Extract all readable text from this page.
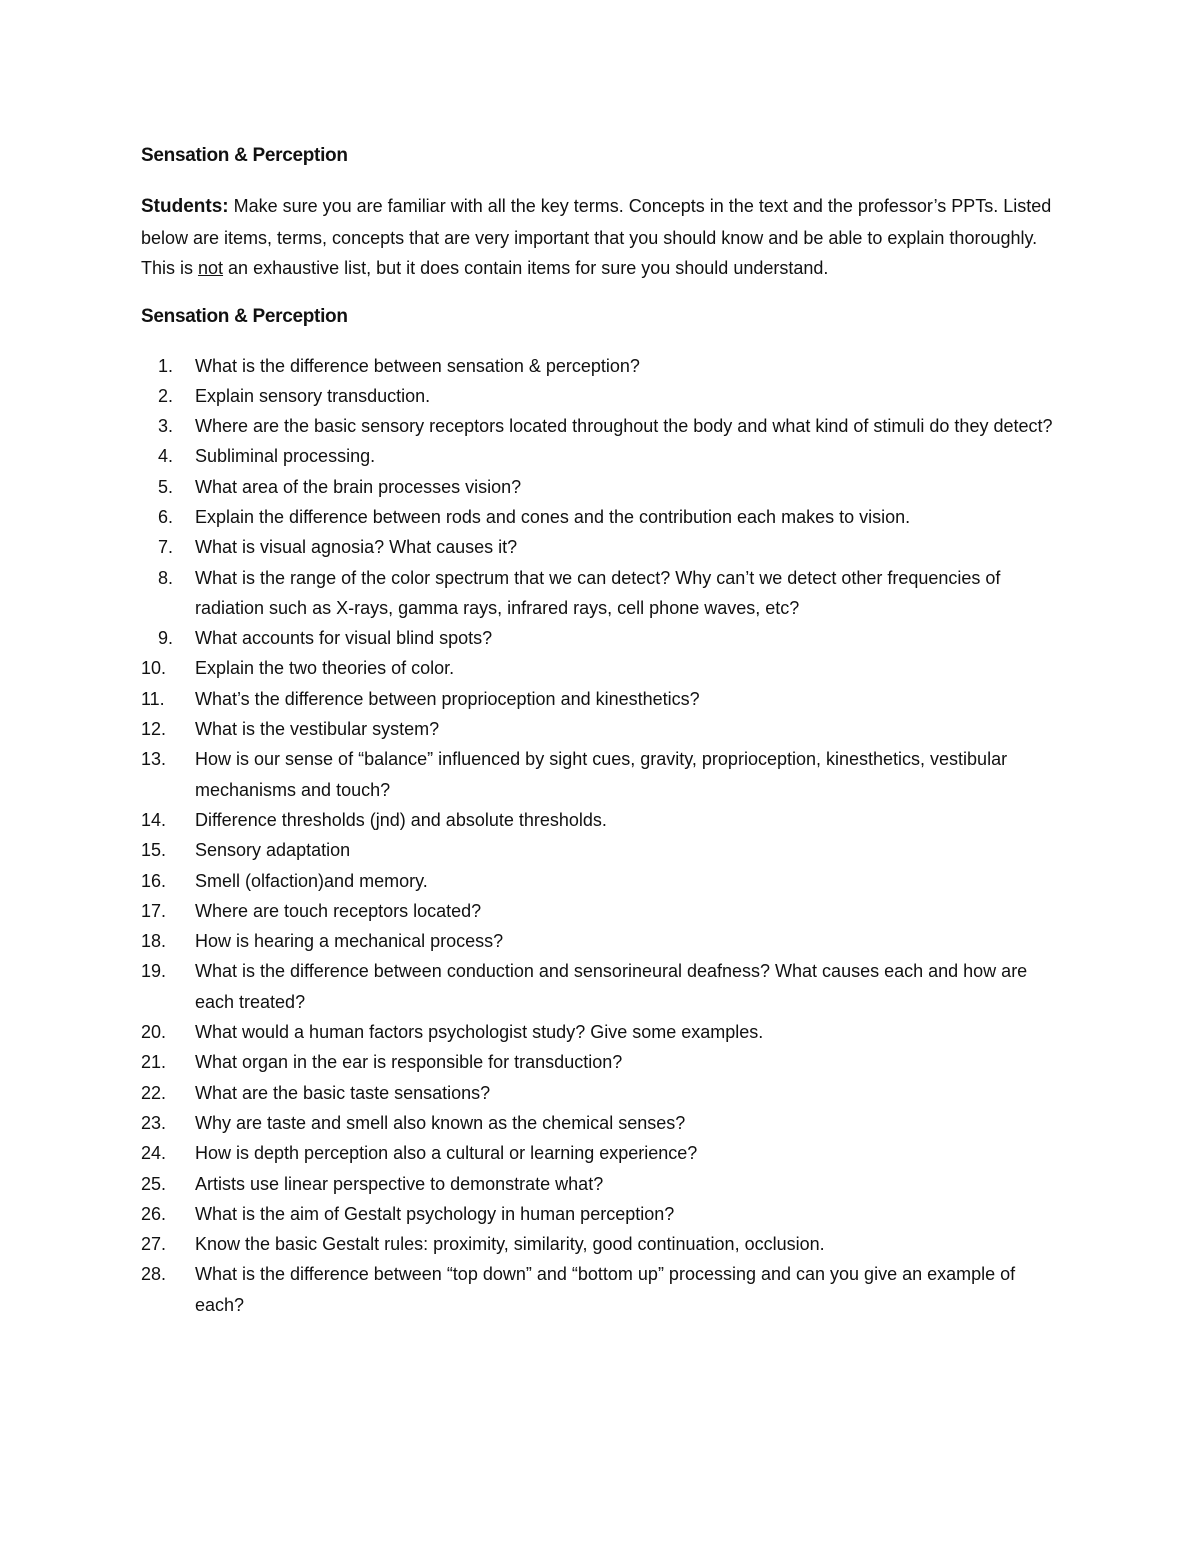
Sensation & Perception

Students: Make sure you are familiar with all the key terms. Concepts in the text and the professor’s PPTs. Listed below are items, terms, concepts that are very important that you should know and be able to explain thoroughly. This is not an exhaustive list, but it does contain items for sure you should understand.

Sensation & Perception
1.	What is the difference between sensation & perception?
2.	Explain sensory transduction.
3.	Where are the basic sensory receptors located throughout the body and what kind of stimuli do they detect?
4.	Subliminal processing.
5.	What area of the brain processes vision?
6.	Explain the difference between rods and cones and the contribution each makes to vision.
7.	What is visual agnosia? What causes it?
8.	What is the range of the color spectrum that we can detect? Why can’t we detect other frequencies of radiation such as X-rays, gamma rays, infrared rays, cell phone waves, etc?
9.	What accounts for visual blind spots?
10.	Explain the two theories of color.
11.	What’s the difference between proprioception and kinesthetics?
12.	What is the vestibular system?
13.	How is our sense of “balance” influenced by sight cues, gravity, proprioception, kinesthetics, vestibular mechanisms and touch?
14.	Difference thresholds (jnd) and absolute thresholds.
15.	Sensory adaptation
16.	Smell (olfaction)and memory.
17.	Where are touch receptors located?
18.	How is hearing a mechanical process?
19.	What is the difference between conduction and sensorineural deafness? What causes each and how are each treated?
20.	What would a human factors psychologist study? Give some examples.
21.	What organ in the ear is responsible for transduction?
22.	What are the basic taste sensations?
23.	Why are taste and smell also known as the chemical senses?
24.	How is depth perception also a cultural or learning experience?
25.	Artists use linear perspective to demonstrate what?
26.	What is the aim of Gestalt psychology in human perception?
27.	Know the basic Gestalt rules: proximity, similarity, good continuation, occlusion.
28.	What is the difference between “top down” and “bottom up” processing and can you give an example of each?
